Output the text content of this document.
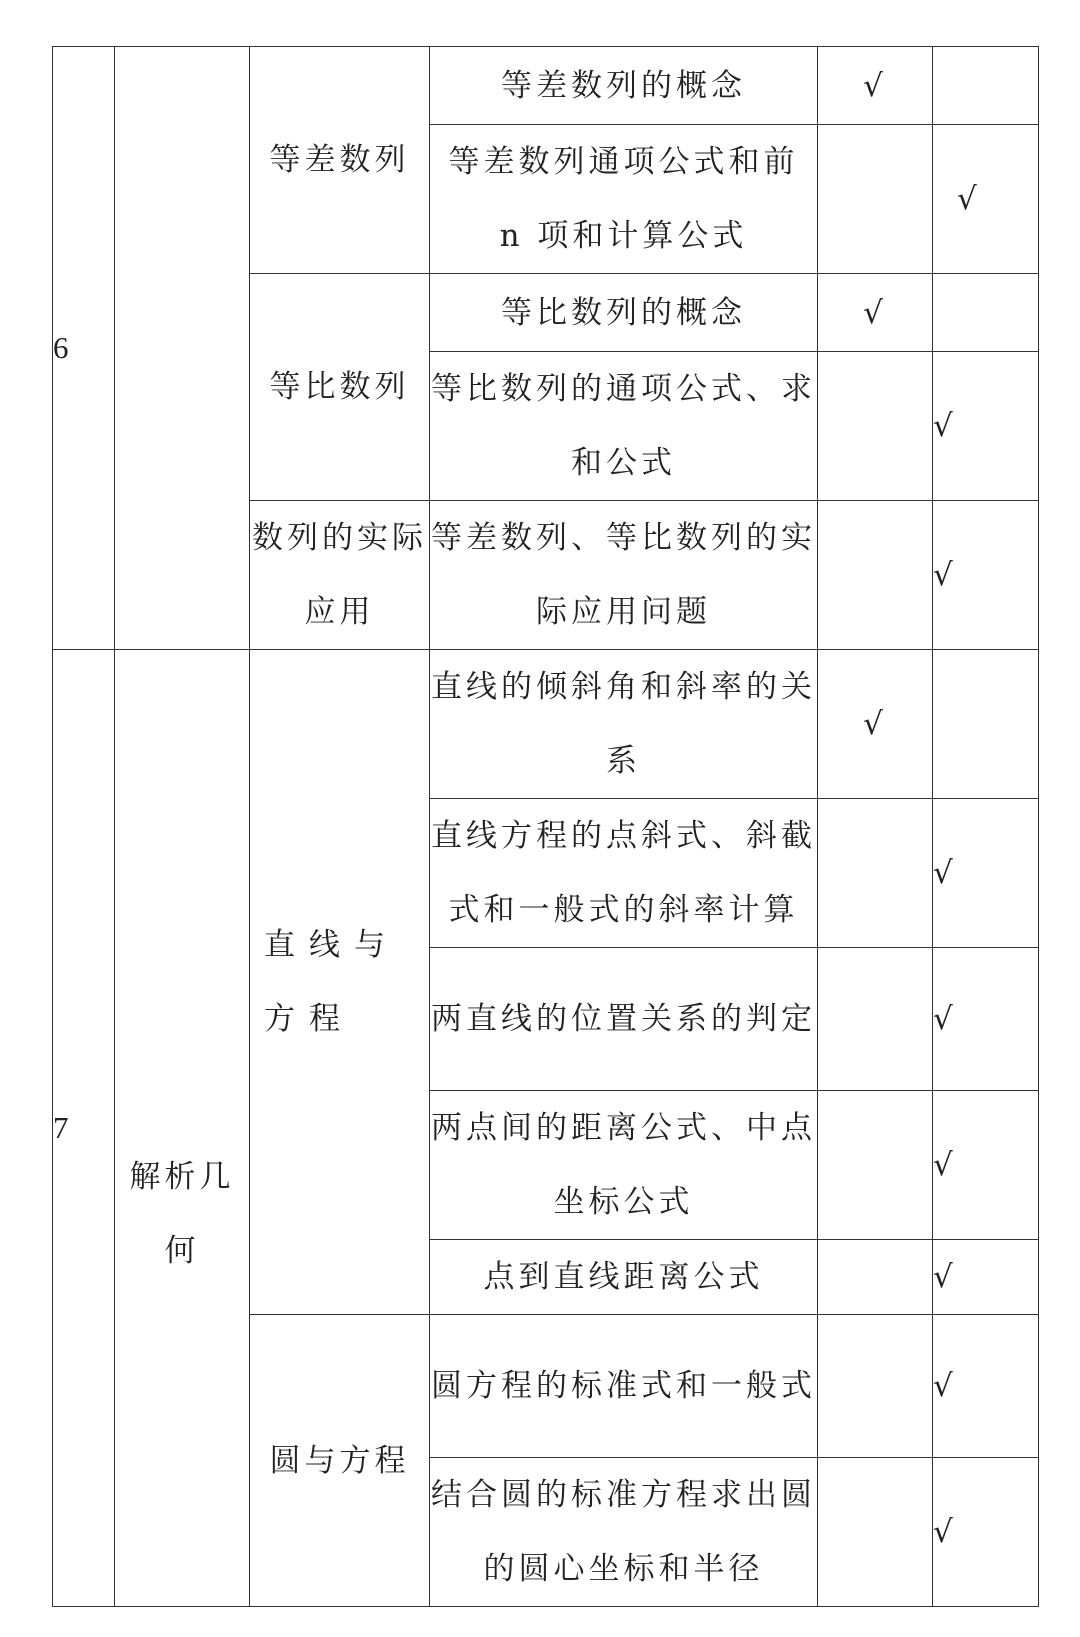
6		等差数列	等差数列的概念	√	
			等差数列通项公式和前 n 项和计算公式		√
		等比数列	等比数列的概念	√	
			等比数列的通项公式、求和公式		√
		数列的实际应用	等差数列、等比数列的实际应用问题		√
7	解析几何	直线与方程	直线的倾斜角和斜率的关系	√	
			直线方程的点斜式、斜截式和一般式的斜率计算		√
			两直线的位置关系的判定		√
			两点间的距离公式、中点坐标公式		√
			点到直线距离公式		√
		圆与方程	圆方程的标准式和一般式		√
			结合圆的标准方程求出圆的圆心坐标和半径		√
